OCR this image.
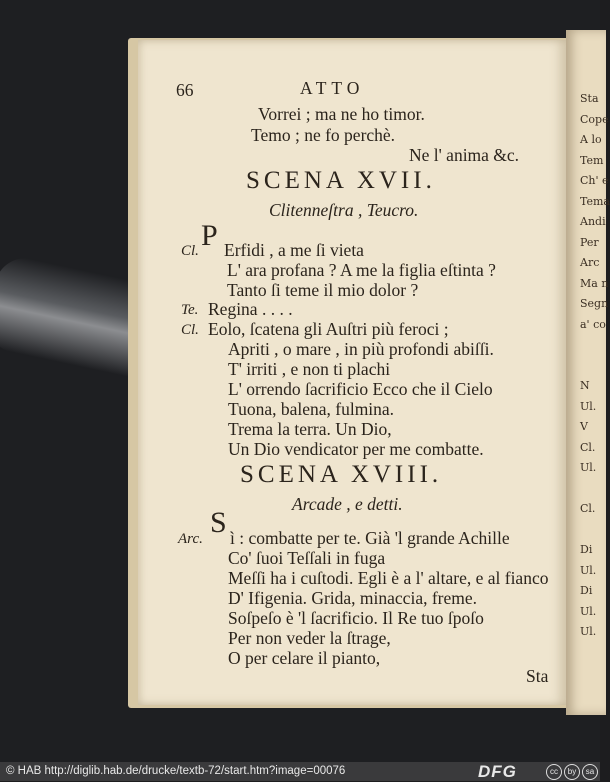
Sta
Cope
A lo
Tem
Ch' e
Tema
Andi
Per
Arc
Ma n
Segn
a' co
N
Ul.
V
Cl.
Ul.
Cl.
Di
Ul.
Di
Ul.
Ul.
66	ATTO
Vorrei ; ma ne ho timor.
Temo ; ne fo perchè.
Ne l' anima &c.
SCENA XVII.
Clitenneſtra , Teucro.
Cl. P Erfidi , a me ſi vieta
L' ara profana ? A me la figlia eſtinta ?
Tanto ſi teme il mio dolor ?
Te. Regina . . . .
Cl. Eolo, ſcatena gli Auſtri più feroci ;
Apriti , o mare , in più profondi abiſſi.
T' irriti , e non ti plachi
L' orrendo ſacrificio Ecco che il Cielo
Tuona, balena, fulmina.
Trema la terra. Un Dio,
Un Dio vendicator per me combatte.
SCENA XVIII.
Arcade , e detti.
Arc. S ì : combatte per te. Già 'l grande Achille
Co' ſuoi Teſſali in fuga
Meſſi ha i cuſtodi. Egli è a l' altare, e al fianco
D' Ifigenia. Grida, minaccia, freme.
Soſpeſo è 'l ſacrificio. Il Re tuo ſpoſo
Per non veder la ſtrage,
O per celare il pianto,
Sta
© HAB http://diglib.hab.de/drucke/textb-72/start.htm?image=00076	DFG	cc	by	sa
